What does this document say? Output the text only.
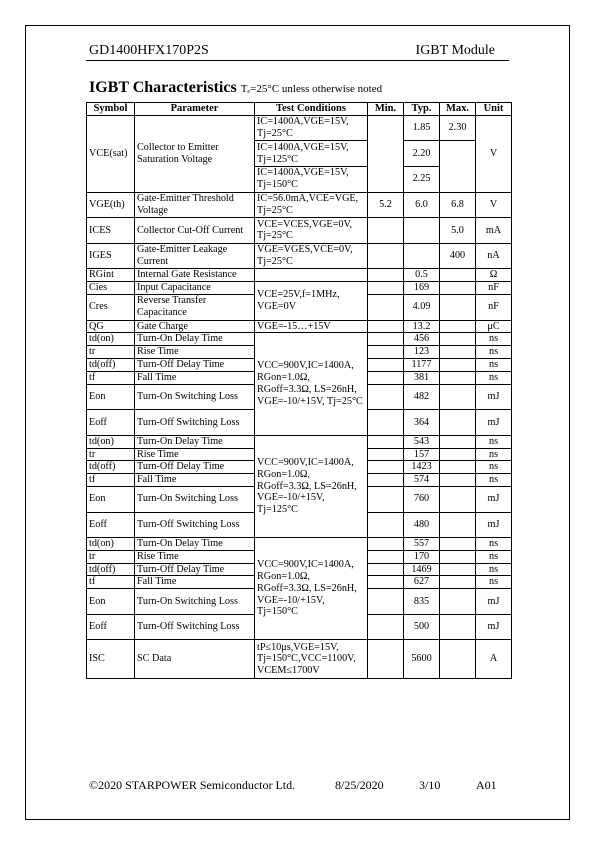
GD1400HFX170P2S	IGBT Module
IGBT Characteristics Tₑ=25°C unless otherwise noted
Symbol	Parameter	Test Conditions	Min.	Typ.	Max.	Unit
VCE(sat)	Collector to Emitter Saturation Voltage	IC=1400A,VGE=15V, Tj=25°C		1.85	2.30	V
		IC=1400A,VGE=15V, Tj=125°C		2.20		
		IC=1400A,VGE=15V, Tj=150°C		2.25		
VGE(th)	Gate-Emitter Threshold Voltage	IC=56.0mA,VCE=VGE, Tj=25°C	5.2	6.0	6.8	V
ICES	Collector Cut-Off Current	VCE=VCES,VGE=0V, Tj=25°C			5.0	mA
IGES	Gate-Emitter Leakage Current	VGE=VGES,VCE=0V, Tj=25°C			400	nA
RGint	Internal Gate Resistance			0.5		Ω
Cies	Input Capacitance	VCE=25V,f=1MHz, VGE=0V		169		nF
Cres	Reverse Transfer Capacitance			4.09		nF
QG	Gate Charge	VGE=-15…+15V		13.2		μC
td(on)	Turn-On Delay Time	VCC=900V,IC=1400A, RGon=1.0Ω, RGoff=3.3Ω, LS=26nH, VGE=-10/+15V, Tj=25°C		456		ns
tr	Rise Time			123		ns
td(off)	Turn-Off Delay Time			1177		ns
tf	Fall Time			381		ns
Eon	Turn-On Switching Loss			482		mJ
Eoff	Turn-Off Switching Loss			364		mJ
td(on)	Turn-On Delay Time	VCC=900V,IC=1400A, RGon=1.0Ω, RGoff=3.3Ω, LS=26nH, VGE=-10/+15V, Tj=125°C		543		ns
tr	Rise Time			157		ns
td(off)	Turn-Off Delay Time			1423		ns
tf	Fall Time			574		ns
Eon	Turn-On Switching Loss			760		mJ
Eoff	Turn-Off Switching Loss			480		mJ
td(on)	Turn-On Delay Time	VCC=900V,IC=1400A, RGon=1.0Ω, RGoff=3.3Ω, LS=26nH, VGE=-10/+15V, Tj=150°C		557		ns
tr	Rise Time			170		ns
td(off)	Turn-Off Delay Time			1469		ns
tf	Fall Time			627		ns
Eon	Turn-On Switching Loss			835		mJ
Eoff	Turn-Off Switching Loss			500		mJ
ISC	SC Data	tP≤10μs,VGE=15V, Tj=150°C,VCC=1100V, VCEM≤1700V		5600		A
©2020 STARPOWER Semiconductor Ltd.	8/25/2020	3/10	A01
